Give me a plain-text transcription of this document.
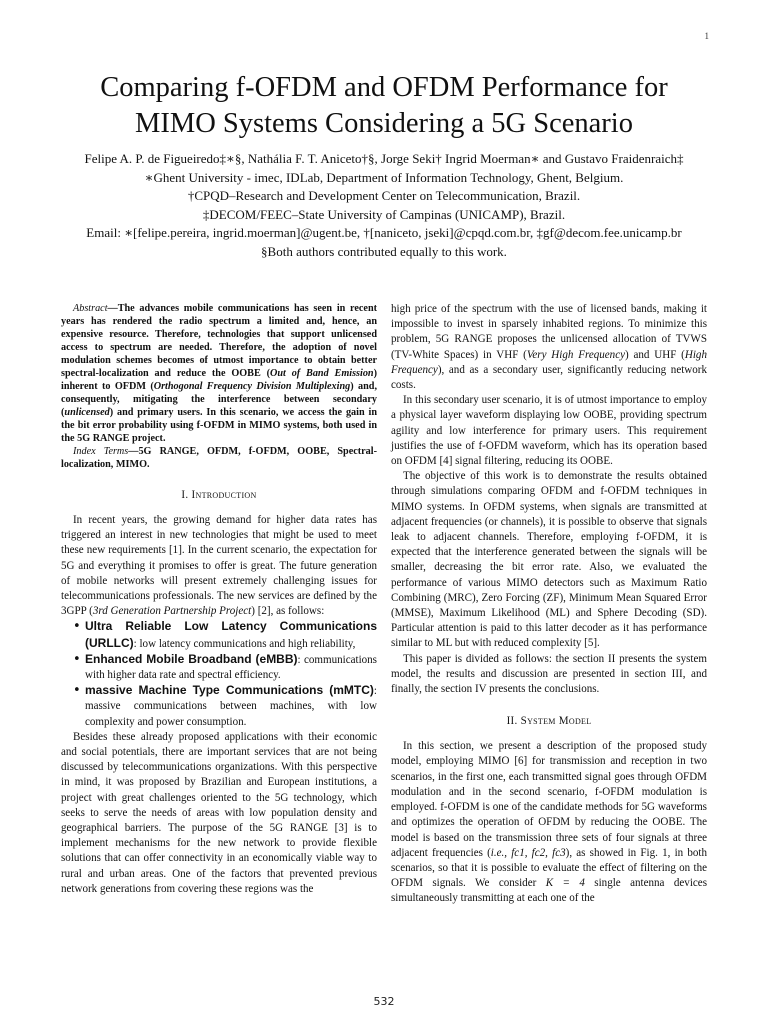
1
Comparing f-OFDM and OFDM Performance for
MIMO Systems Considering a 5G Scenario
Felipe A. P. de Figueiredo‡∗§, Nathália F. T. Aniceto†§, Jorge Seki† Ingrid Moerman∗ and Gustavo Fraidenraich‡
∗Ghent University - imec, IDLab, Department of Information Technology, Ghent, Belgium.
†CPQD–Research and Development Center on Telecommunication, Brazil.
‡DECOM/FEEC–State University of Campinas (UNICAMP), Brazil.
Email: ∗[felipe.pereira, ingrid.moerman]@ugent.be, †[naniceto, jseki]@cpqd.com.br, ‡gf@decom.fee.unicamp.br
§Both authors contributed equally to this work.

Abstract—The advances mobile communications has seen in recent years has rendered the radio spectrum a limited and, hence, an expensive resource. Therefore, technologies that support unlicensed access to spectrum are needed. Therefore, the adoption of novel modulation schemes becomes of utmost importance to obtain better spectral-localization and reduce the OOBE (Out of Band Emission) inherent to OFDM (Orthogonal Frequency Division Multiplexing) and, consequently, mitigating the interference between secondary (unlicensed) and primary users. In this scenario, we access the gain in the bit error probability using f-OFDM in MIMO systems, both used in the 5G RANGE project.

Index Terms—5G RANGE, OFDM, f-OFDM, OOBE, Spectral-localization, MIMO.

I. Introduction

In recent years, the growing demand for higher data rates has triggered an interest in new technologies that might be used to meet these new requirements [1]. In the current scenario, the expectation for 5G and everything it promises to offer is great. The future generation of mobile networks will present extremely challenging issues for telecommunications professionals. The new services are defined by the 3GPP (3rd Generation Partnership Project) [2], as follows:

• Ultra Reliable Low Latency Communications (URLLC): low latency communications and high reliability,
• Enhanced Mobile Broadband (eMBB): communications with higher data rate and spectral efficiency.
• massive Machine Type Communications (mMTC): massive communications between machines, with low complexity and power consumption.

Besides these already proposed applications with their economic and social potentials, there are important services that are not being discussed by telecommunications organizations. With this perspective in mind, it was proposed by Brazilian and European institutions, a project with great challenges oriented to the 5G technology, which seeks to serve the needs of areas with low population density and geographical barriers. The purpose of the 5G RANGE [3] is to implement mechanisms for the new network to provide flexible solutions that can offer connectivity in an economically viable way to rural and urban areas. One of the factors that prevented previous network generations from covering these regions was the

high price of the spectrum with the use of licensed bands, making it impossible to invest in sparsely inhabited regions. To minimize this problem, 5G RANGE proposes the unlicensed allocation of TVWS (TV-White Spaces) in VHF (Very High Frequency) and UHF (High Frequency), and as a secondary user, significantly reducing network costs.

In this secondary user scenario, it is of utmost importance to employ a physical layer waveform displaying low OOBE, providing spectrum agility and low interference for primary users. This requirement justifies the use of f-OFDM waveform, which has its operation based on OFDM [4] signal filtering, reducing its OOBE.

The objective of this work is to demonstrate the results obtained through simulations comparing OFDM and f-OFDM techniques in MIMO systems. In OFDM systems, when signals are transmitted at adjacent frequencies (or channels), it is possible to observe that signals leak to adjacent channels. Therefore, employing f-OFDM, it is expected that the interference generated between the signals will be smaller, decreasing the bit error rate. Also, we evaluated the performance of various MIMO detectors such as Maximum Ratio Combining (MRC), Zero Forcing (ZF), Minimum Mean Squared Error (MMSE), Maximum Likelihood (ML) and Sphere Decoding (SD). Particular attention is paid to this latter decoder as it has performance similar to ML but with reduced complexity [5].

This paper is divided as follows: the section II presents the system model, the results and discussion are presented in section III, and finally, the section IV presents the conclusions.

II. System Model

In this section, we present a description of the proposed study model, employing MIMO [6] for transmission and reception in two scenarios, in the first one, each transmitted signal goes through OFDM modulation and in the second scenario, f-OFDM modulation is employed. f-OFDM is one of the candidate methods for 5G waveforms and optimizes the operation of OFDM by reducing the OOBE. The model is based on the transmission three sets of four signals at three adjacent frequencies (i.e., fc1, fc2, fc3), as showed in Fig. 1, in both scenarios, so that it is possible to evaluate the effect of filtering on the OFDM signals. We consider K = 4 single antenna devices simultaneously transmitting at each one of the

532
